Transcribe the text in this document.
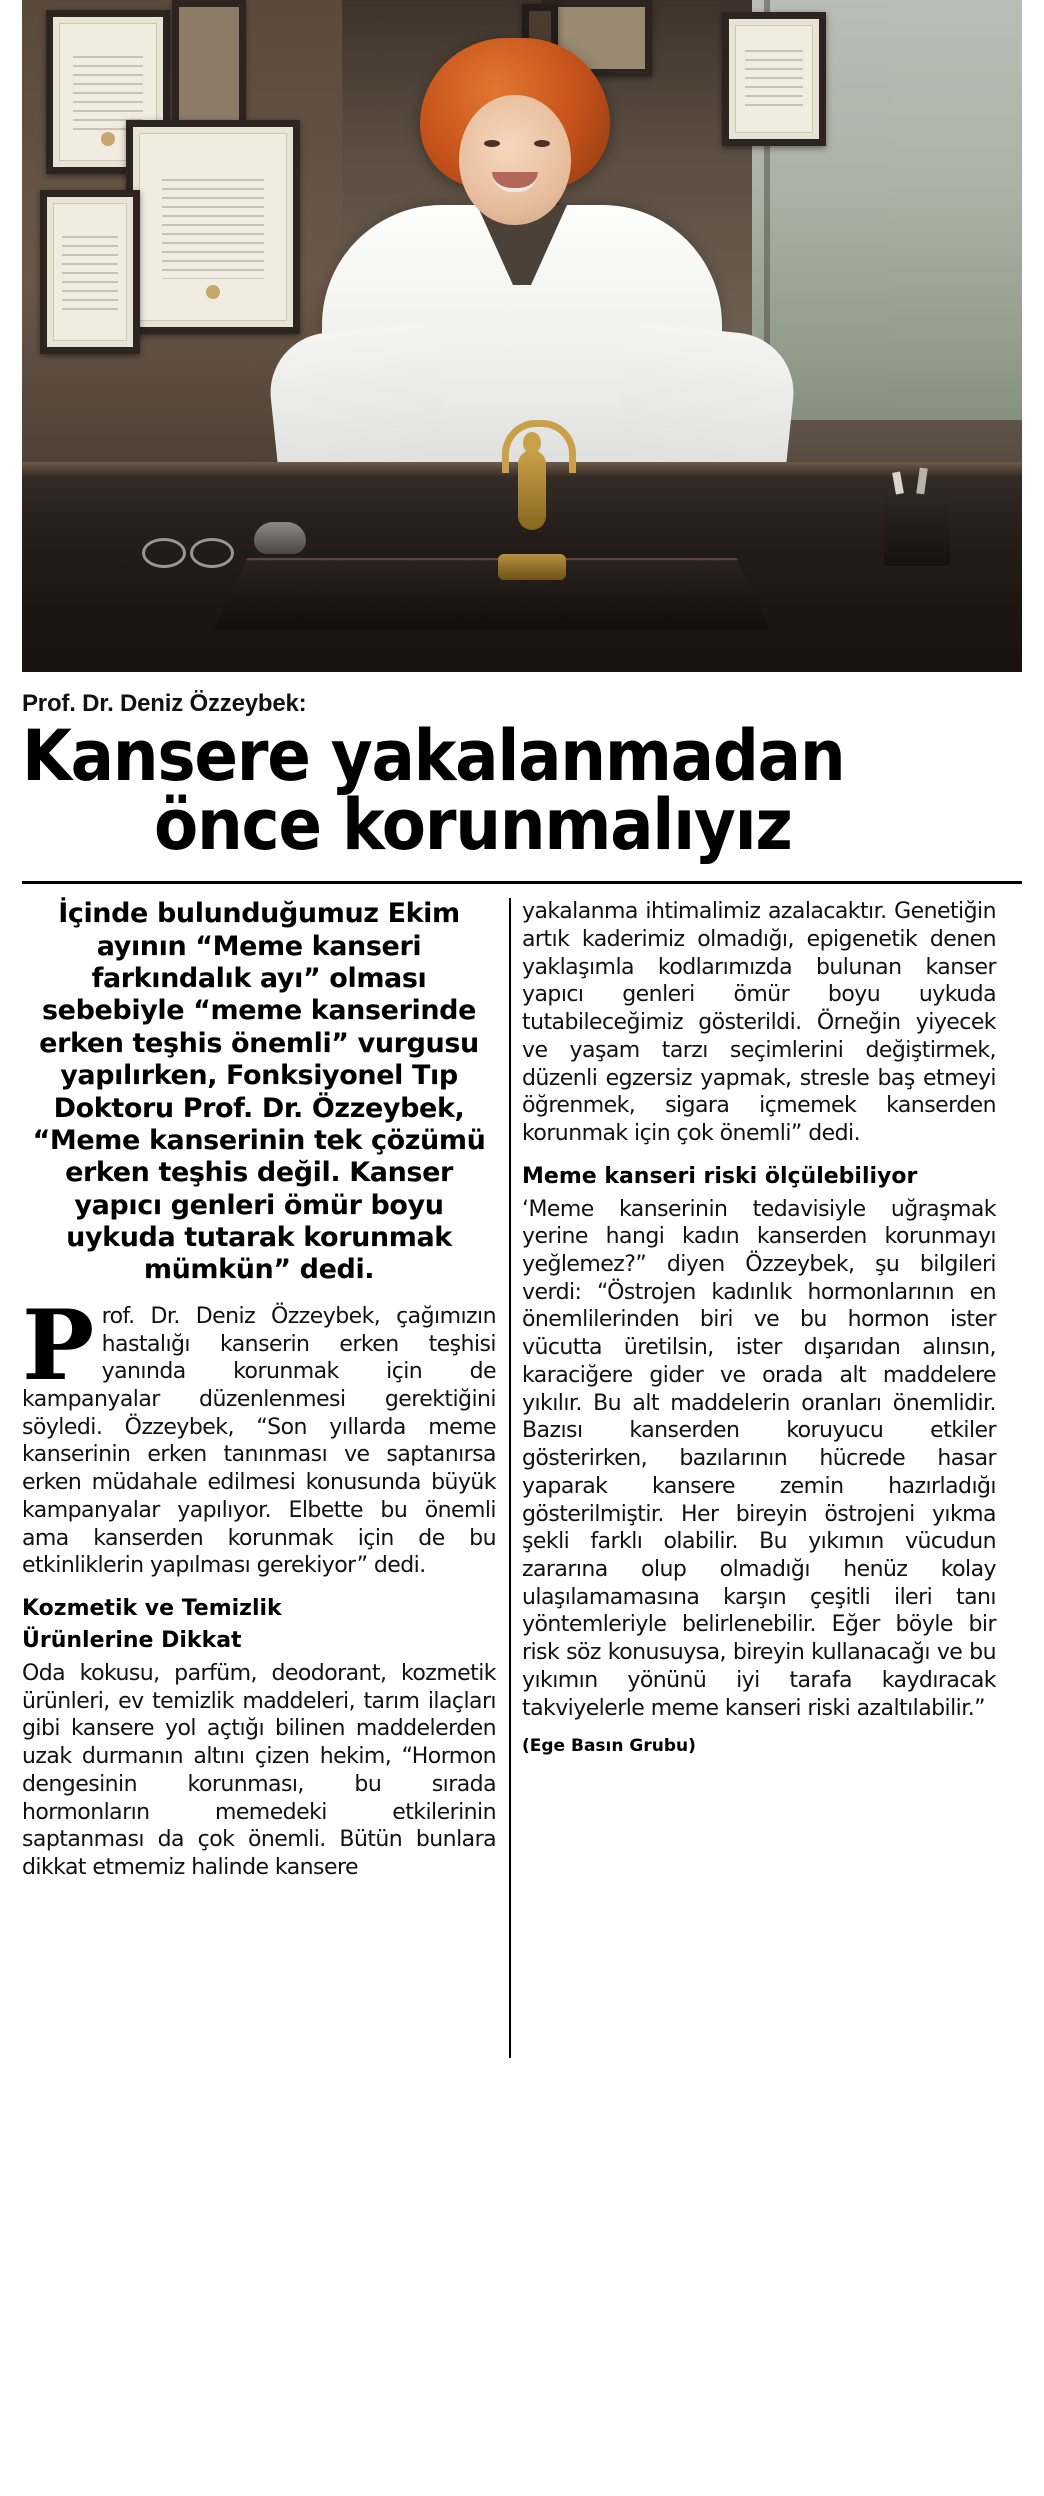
Prof. Dr. Deniz Özzeybek:
Kansere yakalanmadan
önce korunmalıyız
İçinde bulunduğumuz Ekim ayının “Meme kanseri farkındalık ayı” olması sebebiyle “meme kanserinde erken teşhis önemli” vurgusu yapılırken, Fonksiyonel Tıp Doktoru Prof. Dr. Özzeybek, “Meme kanserinin tek çözümü erken teşhis değil. Kanser yapıcı genleri ömür boyu uykuda tutarak korunmak mümkün” dedi.

Prof. Dr. Deniz Özzeybek, çağımızın hastalığı kanserin erken teşhisi yanında korunmak için de kampanyalar düzenlenmesi gerektiğini söyledi. Özzeybek, “Son yıllarda meme kanserinin erken tanınması ve saptanırsa erken müdahale edilmesi konusunda büyük kampanyalar yapılıyor. Elbette bu önemli ama kanserden korunmak için de bu etkinliklerin yapılması gerekiyor” dedi.

Kozmetik ve Temizlik
Ürünlerine Dikkat

Oda kokusu, parfüm, deodorant, kozmetik ürünleri, ev temizlik maddeleri, tarım ilaçları gibi kansere yol açtığı bilinen maddelerden uzak durmanın altını çizen hekim, “Hormon dengesinin korunması, bu sırada hormonların memedeki etkilerinin saptanması da çok önemli. Bütün bunlara dikkat etmemiz halinde kansere

yakalanma ihtimalimiz azalacaktır. Genetiğin artık kaderimiz olmadığı, epigenetik denen yaklaşımla kodlarımızda bulunan kanser yapıcı genleri ömür boyu uykuda tutabileceğimiz gösterildi. Örneğin yiyecek ve yaşam tarzı seçimlerini değiştirmek, düzenli egzersiz yapmak, stresle baş etmeyi öğrenmek, sigara içmemek kanserden korunmak için çok önemli” dedi.

Meme kanseri riski ölçülebiliyor

‘Meme kanserinin tedavisiyle uğraşmak yerine hangi kadın kanserden korunmayı yeğlemez?” diyen Özzeybek, şu bilgileri verdi: “Östrojen kadınlık hormonlarının en önemlilerinden biri ve bu hormon ister vücutta üretilsin, ister dışarıdan alınsın, karaciğere gider ve orada alt maddelere yıkılır. Bu alt maddelerin oranları önemlidir. Bazısı kanserden koruyucu etkiler gösterirken, bazılarının hücrede hasar yaparak kansere zemin hazırladığı gösterilmiştir. Her bireyin östrojeni yıkma şekli farklı olabilir. Bu yıkımın vücudun zararına olup olmadığı henüz kolay ulaşılamamasına karşın çeşitli ileri tanı yöntemleriyle belirlenebilir. Eğer böyle bir risk söz konusuysa, bireyin kullanacağı ve bu yıkımın yönünü iyi tarafa kaydıracak takviyelerle meme kanseri riski azaltılabilir.”

(Ege Basın Grubu)
